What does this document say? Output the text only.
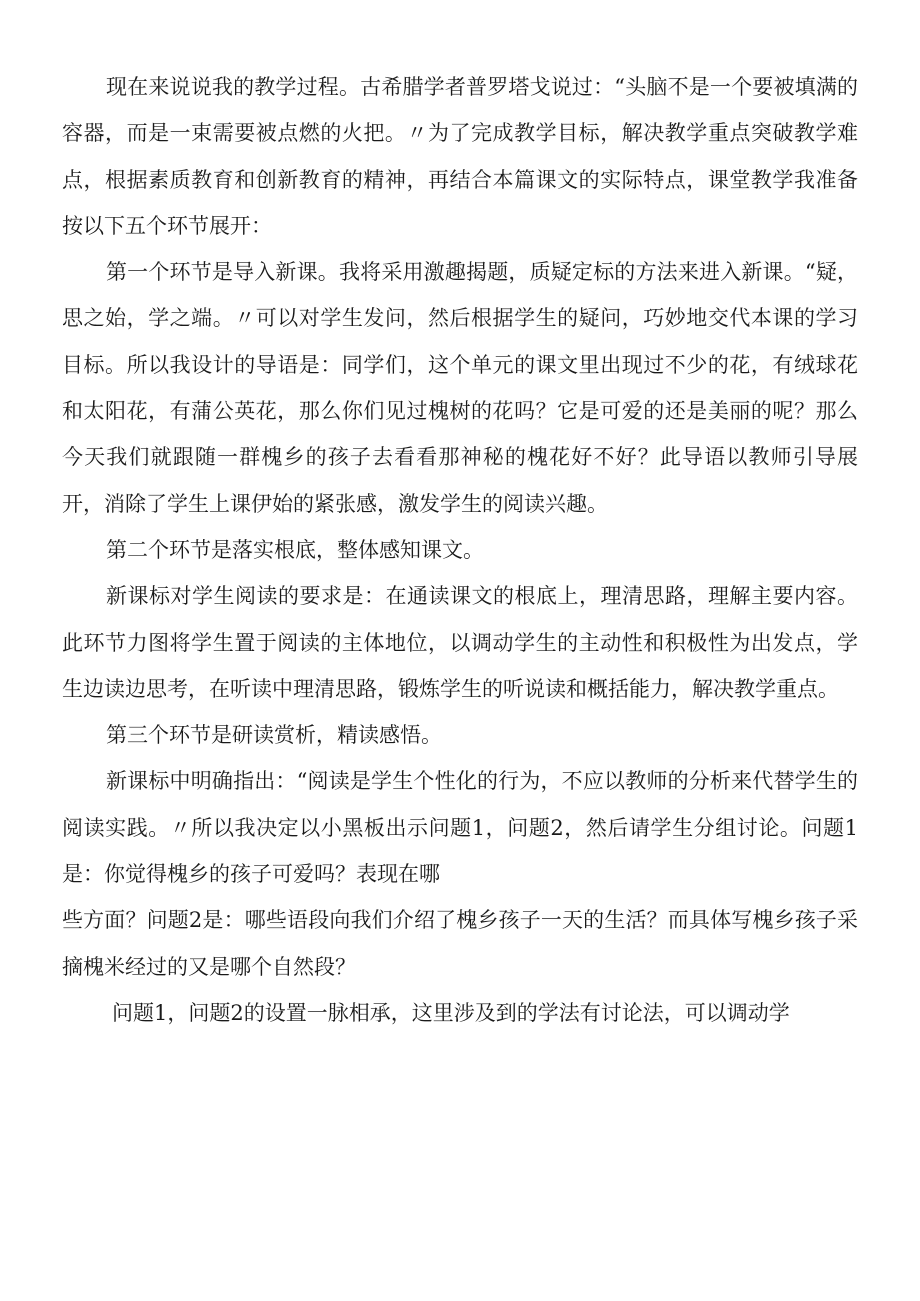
现在来说说我的教学过程。古希腊学者普罗塔戈说过：“头脑不是一个要被填满的容器，而是一束需要被点燃的火把。〃为了完成教学目标，解决教学重点突破教学难点，根据素质教育和创新教育的精神，再结合本篇课文的实际特点，课堂教学我准备按以下五个环节展开：

第一个环节是导入新课。我将采用激趣揭题，质疑定标的方法来进入新课。“疑，思之始，学之端。〃可以对学生发问，然后根据学生的疑问，巧妙地交代本课的学习目标。所以我设计的导语是：同学们，这个单元的课文里出现过不少的花，有绒球花和太阳花，有蒲公英花，那么你们见过槐树的花吗？它是可爱的还是美丽的呢？那么今天我们就跟随一群槐乡的孩子去看看那神秘的槐花好不好？此导语以教师引导展开，消除了学生上课伊始的紧张感，激发学生的阅读兴趣。

第二个环节是落实根底，整体感知课文。

新课标对学生阅读的要求是：在通读课文的根底上，理清思路，理解主要内容。此环节力图将学生置于阅读的主体地位，以调动学生的主动性和积极性为出发点，学生边读边思考，在听读中理清思路，锻炼学生的听说读和概括能力，解决教学重点。

第三个环节是研读赏析，精读感悟。

新课标中明确指出：“阅读是学生个性化的行为，不应以教师的分析来代替学生的阅读实践。〃所以我决定以小黑板出示问题1，问题2，然后请学生分组讨论。问题1是：你觉得槐乡的孩子可爱吗？表现在哪

些方面？问题2是：哪些语段向我们介绍了槐乡孩子一天的生活？而具体写槐乡孩子采摘槐米经过的又是哪个自然段？

问题1，问题2的设置一脉相承，这里涉及到的学法有讨论法，可以调动学
